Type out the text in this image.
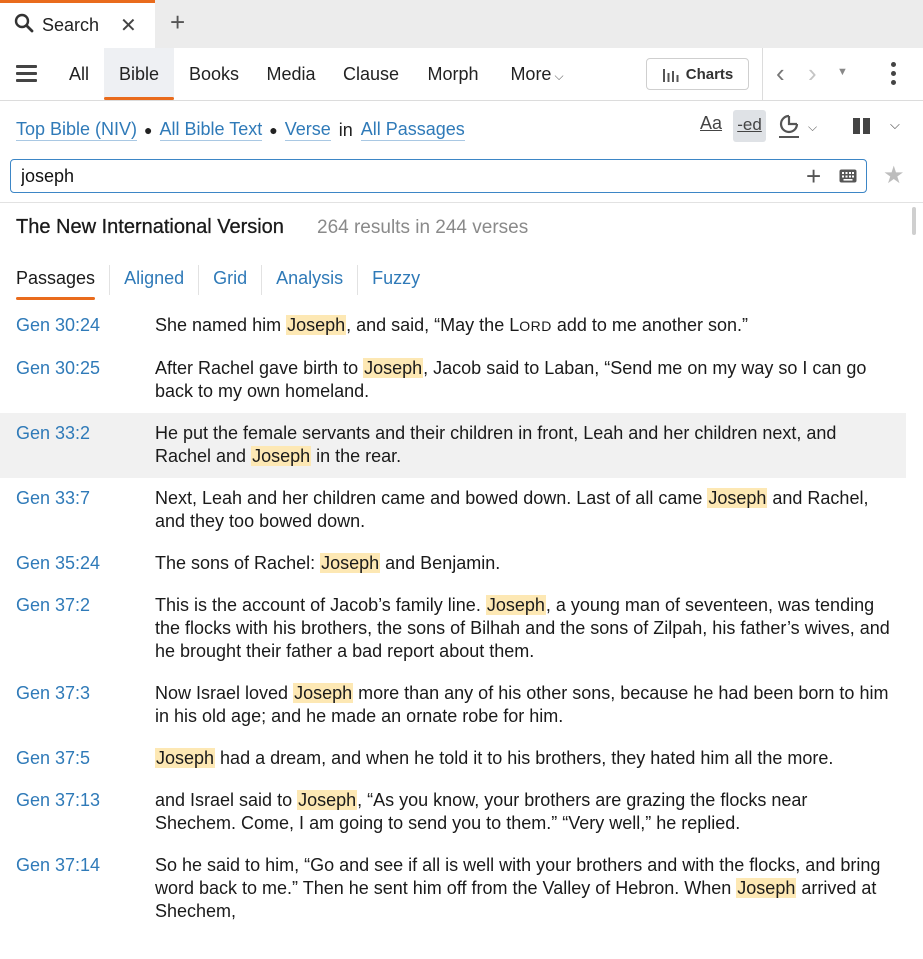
Search ✕ +
All	Bible	Books	Media	Clause	Morph	More ⌵	Charts ‹ › ▼
Top Bible (NIV) ● All Bible Text ● Verse in All Passages	Aa -ed	⌵	⌵
joseph
+	★
The New International Version 264 results in 244 verses
Passages	Aligned	Grid	Analysis	Fuzzy
Gen 30:24	She named him Joseph, and said, “May the LORD add to me another son.”
Gen 30:25	After Rachel gave birth to Joseph, Jacob said to Laban, “Send me on my way so I can go back to my own homeland.
Gen 33:2	He put the female servants and their children in front, Leah and her children next, and Rachel and Joseph in the rear.
Gen 33:7	Next, Leah and her children came and bowed down. Last of all came Joseph and Rachel, and they too bowed down.
Gen 35:24	The sons of Rachel: Joseph and Benjamin.
Gen 37:2	This is the account of Jacob’s family line. Joseph, a young man of seventeen, was tending the flocks with his brothers, the sons of Bilhah and the sons of Zilpah, his father’s wives, and he brought their father a bad report about them.
Gen 37:3	Now Israel loved Joseph more than any of his other sons, because he had been born to him in his old age; and he made an ornate robe for him.
Gen 37:5	Joseph had a dream, and when he told it to his brothers, they hated him all the more.
Gen 37:13	and Israel said to Joseph, “As you know, your brothers are grazing the flocks near Shechem. Come, I am going to send you to them.” “Very well,” he replied.
Gen 37:14	So he said to him, “Go and see if all is well with your brothers and with the flocks, and bring word back to me.” Then he sent him off from the Valley of Hebron. When Joseph arrived at Shechem,
